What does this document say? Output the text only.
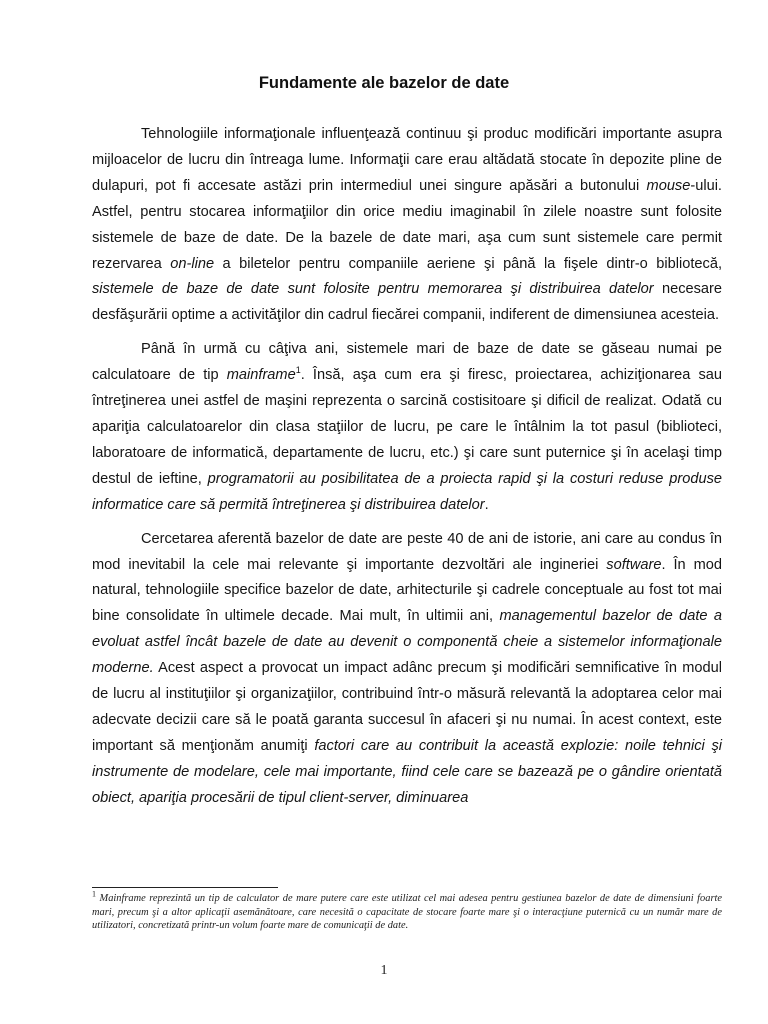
Fundamente ale bazelor de date

Tehnologiile informaţionale influenţează continuu şi produc modificări importante asupra mijloacelor de lucru din întreaga lume. Informaţii care erau altădată stocate în depozite pline de dulapuri, pot fi accesate astăzi prin intermediul unei singure apăsări a butonului mouse-ului. Astfel, pentru stocarea informaţiilor din orice mediu imaginabil în zilele noastre sunt folosite sistemele de baze de date. De la bazele de date mari, aşa cum sunt sistemele care permit rezervarea on-line a biletelor pentru companiile aeriene şi până la fişele dintr-o bibliotecă, sistemele de baze de date sunt folosite pentru memorarea şi distribuirea datelor necesare desfăşurării optime a activităţilor din cadrul fiecărei companii, indiferent de dimensiunea acesteia.

Până în urmă cu câţiva ani, sistemele mari de baze de date se găseau numai pe calculatoare de tip mainframe$^1$. Însă, aşa cum era şi firesc, proiectarea, achiziţionarea sau întreţinerea unei astfel de maşini reprezenta o sarcină costisitoare şi dificil de realizat. Odată cu apariţia calculatoarelor din clasa staţiilor de lucru, pe care le întâlnim la tot pasul (biblioteci, laboratoare de informatică, departamente de lucru, etc.) şi care sunt puternice şi în acelaşi timp destul de ieftine, programatorii au posibilitatea de a proiecta rapid şi la costuri reduse produse informatice care să permită întreţinerea şi distribuirea datelor.

Cercetarea aferentă bazelor de date are peste 40 de ani de istorie, ani care au condus în mod inevitabil la cele mai relevante şi importante dezvoltări ale ingineriei software. În mod natural, tehnologiile specifice bazelor de date, arhitecturile şi cadrele conceptuale au fost tot mai bine consolidate în ultimele decade. Mai mult, în ultimii ani, managementul bazelor de date a evoluat astfel încât bazele de date au devenit o componentă cheie a sistemelor informaţionale moderne. Acest aspect a provocat un impact adânc precum şi modificări semnificative în modul de lucru al instituţiilor şi organizaţiilor, contribuind într-o măsură relevantă la adoptarea celor mai adecvate decizii care să le poată garanta succesul în afaceri şi nu numai. În acest context, este important să menţionăm anumiţi factori care au contribuit la această explozie: noile tehnici şi instrumente de modelare, cele mai importante, fiind cele care se bazează pe o gândire orientată obiect, apariţia procesării de tipul client-server, diminuarea

$^1$ Mainframe reprezintă un tip de calculator de mare putere care este utilizat cel mai adesea pentru gestiunea bazelor de date de dimensiuni foarte mari, precum şi a altor aplicaţii asemănătoare, care necesită o capacitate de stocare foarte mare şi o interacţiune puternică cu un număr mare de utilizatori, concretizată printr-un volum foarte mare de comunicaţii de date.
1
